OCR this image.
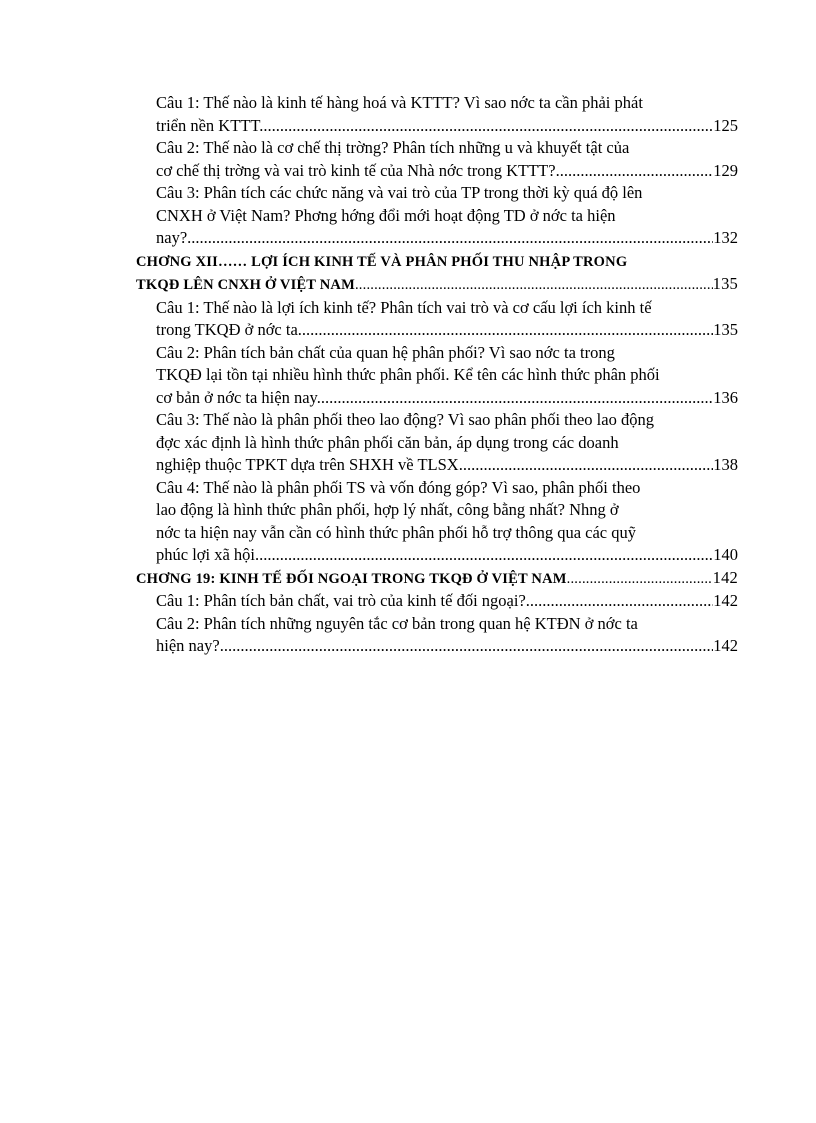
Câu 1: Thế nào là kinh tế hàng hoá và KTTT? Vì sao nớc ta cần phải phát
triển nền KTTT. .....	125
Câu 2: Thế nào là cơ chế thị trờng? Phân tích những u và khuyết tật của
cơ chế thị trờng và vai trò kinh tế của Nhà nớc trong KTTT? .....	129
Câu 3: Phân tích các chức năng và vai trò của TP trong thời kỳ quá độ lên
CNXH ở Việt Nam? Phơng hớng đổi mới hoạt động TD ở nớc ta hiện
nay? .....	132
CHƠNG XII…… LỢI ÍCH KINH TẾ VÀ PHÂN PHỐI THU NHẬP TRONG
TKQĐ LÊN CNXH Ở VIỆT NAM .....	135
Câu 1: Thế nào là lợi ích kinh tế? Phân tích vai trò và cơ cấu lợi ích kinh tế
trong TKQĐ ở nớc ta. .....	135
Câu 2: Phân tích bản chất của quan hệ phân phối? Vì sao nớc ta trong
TKQĐ lại tồn tại nhiều hình thức phân phối. Kể tên các hình thức phân phối
cơ bản ở nớc ta hiện nay. .....	136
Câu 3: Thế nào là phân phối theo lao động? Vì sao phân phối theo lao động
đợc xác định là hình thức phân phối căn bản, áp dụng trong các doanh
nghiệp thuộc TPKT dựa trên SHXH về TLSX. .....	138
Câu 4: Thế nào là phân phối TS và vốn đóng góp? Vì sao, phân phối theo
lao động là hình thức phân phối, hợp lý nhất, công bằng nhất? Nhng ở
nớc ta hiện nay vẫn cần có hình thức phân phối hỗ trợ thông qua các quỹ
phúc lợi xã hội. .....	140
CHƠNG 19: KINH TẾ ĐỐI NGOẠI TRONG TKQĐ Ở VIỆT NAM .....	142
Câu 1: Phân tích bản chất, vai trò của kinh tế đối ngoại? .....	142
Câu 2: Phân tích những nguyên tắc cơ bản trong quan hệ KTĐN ở nớc ta
hiện nay? .....	142
